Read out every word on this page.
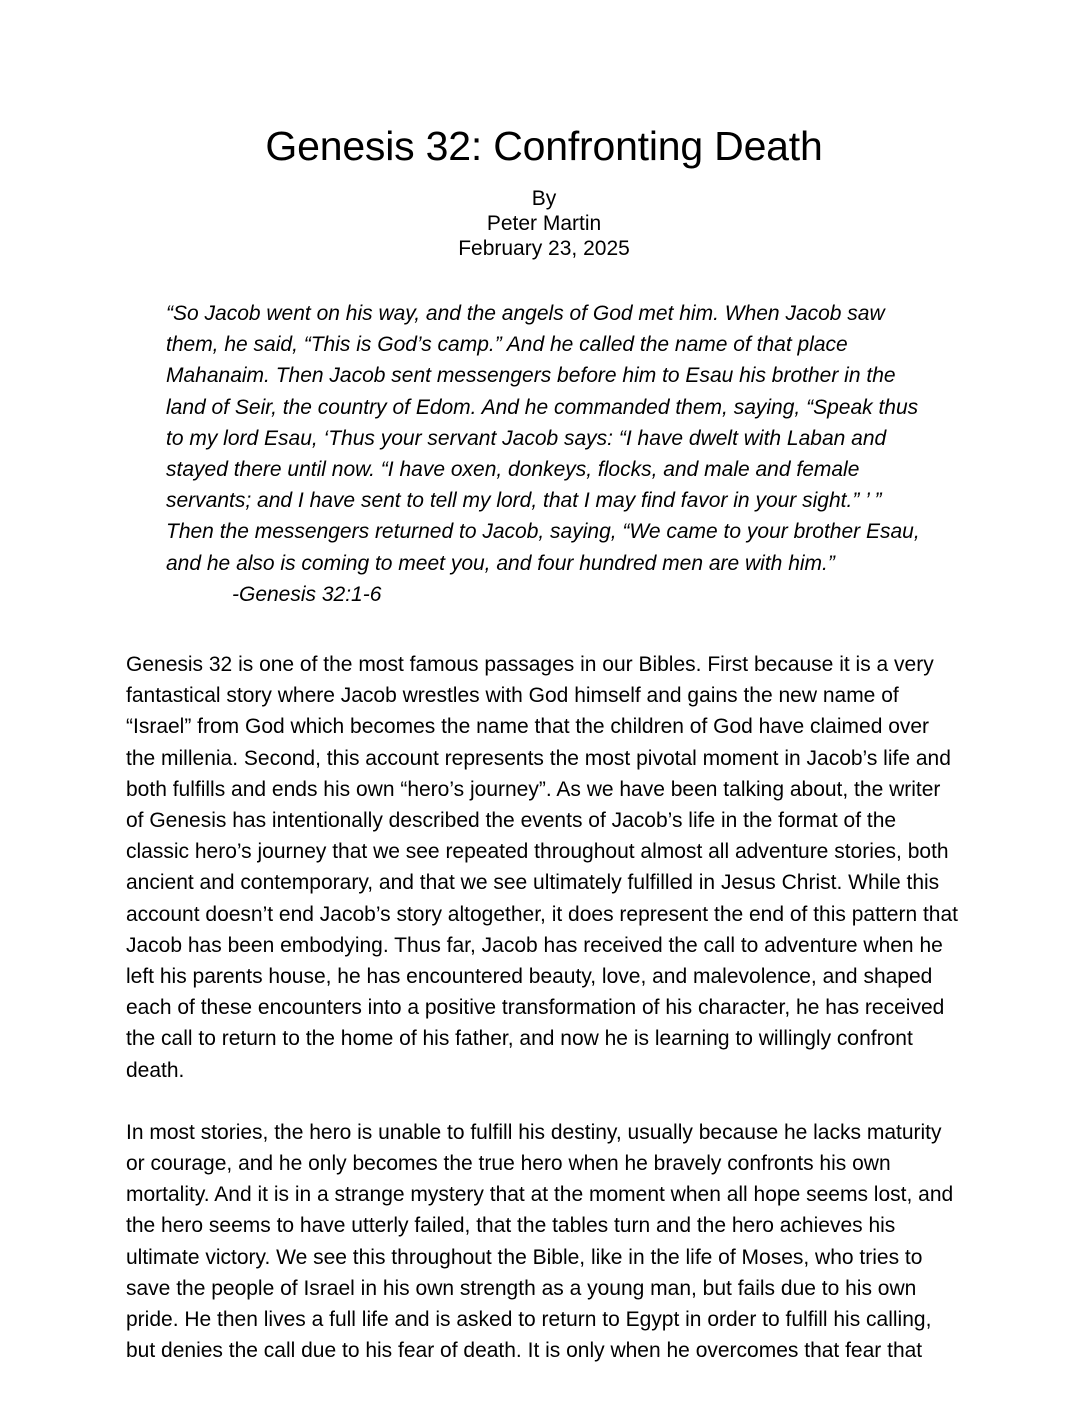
Genesis 32: Confronting Death
By
Peter Martin
February 23, 2025

“So Jacob went on his way, and the angels of God met him. When Jacob saw them, he said, “This is God’s camp.” And he called the name of that place Mahanaim. Then Jacob sent messengers before him to Esau his brother in the land of Seir, the country of Edom. And he commanded them, saying, “Speak thus to my lord Esau, ‘Thus your servant Jacob says: “I have dwelt with Laban and stayed there until now. “I have oxen, donkeys, flocks, and male and female servants; and I have sent to tell my lord, that I may find favor in your sight.” ’ ” Then the messengers returned to Jacob, saying, “We came to your brother Esau, and he also is coming to meet you, and four hundred men are with him.”

-Genesis 32:1-6

Genesis 32 is one of the most famous passages in our Bibles. First because it is a very fantastical story where Jacob wrestles with God himself and gains the new name of “Israel” from God which becomes the name that the children of God have claimed over the millenia. Second, this account represents the most pivotal moment in Jacob’s life and both fulfills and ends his own “hero’s journey”. As we have been talking about, the writer of Genesis has intentionally described the events of Jacob’s life in the format of the classic hero’s journey that we see repeated throughout almost all adventure stories, both ancient and contemporary, and that we see ultimately fulfilled in Jesus Christ. While this account doesn’t end Jacob’s story altogether, it does represent the end of this pattern that Jacob has been embodying. Thus far, Jacob has received the call to adventure when he left his parents house, he has encountered beauty, love, and malevolence, and shaped each of these encounters into a positive transformation of his character, he has received the call to return to the home of his father, and now he is learning to willingly confront death.

In most stories, the hero is unable to fulfill his destiny, usually because he lacks maturity or courage, and he only becomes the true hero when he bravely confronts his own mortality. And it is in a strange mystery that at the moment when all hope seems lost, and the hero seems to have utterly failed, that the tables turn and the hero achieves his ultimate victory. We see this throughout the Bible, like in the life of Moses, who tries to save the people of Israel in his own strength as a young man, but fails due to his own pride. He then lives a full life and is asked to return to Egypt in order to fulfill his calling, but denies the call due to his fear of death. It is only when he overcomes that fear that
